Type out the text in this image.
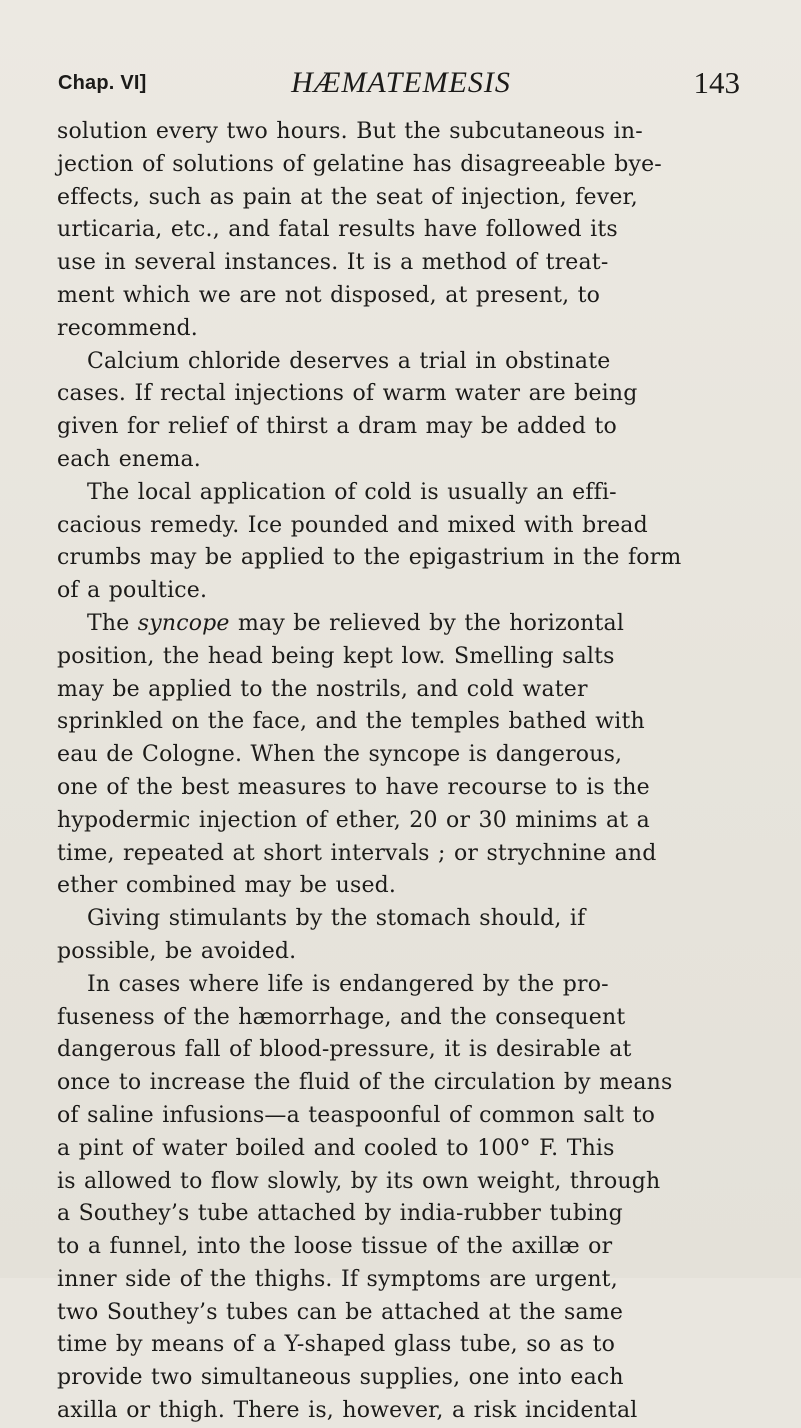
Chap. VI]	HÆMATEMESIS	143
solution every two hours. But the subcutaneous in-
jection of solutions of gelatine has disagreeable bye-
effects, such as pain at the seat of injection, fever,
urticaria, etc., and fatal results have followed its
use in several instances. It is a method of treat-
ment which we are not disposed, at present, to
recommend.
Calcium chloride deserves a trial in obstinate
cases. If rectal injections of warm water are being
given for relief of thirst a dram may be added to
each enema.
The local application of cold is usually an effi-
cacious remedy. Ice pounded and mixed with bread
crumbs may be applied to the epigastrium in the form
of a poultice.
The syncope may be relieved by the horizontal
position, the head being kept low. Smelling salts
may be applied to the nostrils, and cold water
sprinkled on the face, and the temples bathed with
eau de Cologne. When the syncope is dangerous,
one of the best measures to have recourse to is the
hypodermic injection of ether, 20 or 30 minims at a
time, repeated at short intervals ; or strychnine and
ether combined may be used.
Giving stimulants by the stomach should, if
possible, be avoided.
In cases where life is endangered by the pro-
fuseness of the hæmorrhage, and the consequent
dangerous fall of blood-pressure, it is desirable at
once to increase the fluid of the circulation by means
of saline infusions—a teaspoonful of common salt to
a pint of water boiled and cooled to 100° F. This
is allowed to flow slowly, by its own weight, through
a Southey’s tube attached by india-rubber tubing
to a funnel, into the loose tissue of the axillæ or
inner side of the thighs. If symptoms are urgent,
two Southey’s tubes can be attached at the same
time by means of a Y-shaped glass tube, so as to
provide two simultaneous supplies, one into each
axilla or thigh. There is, however, a risk incidental
